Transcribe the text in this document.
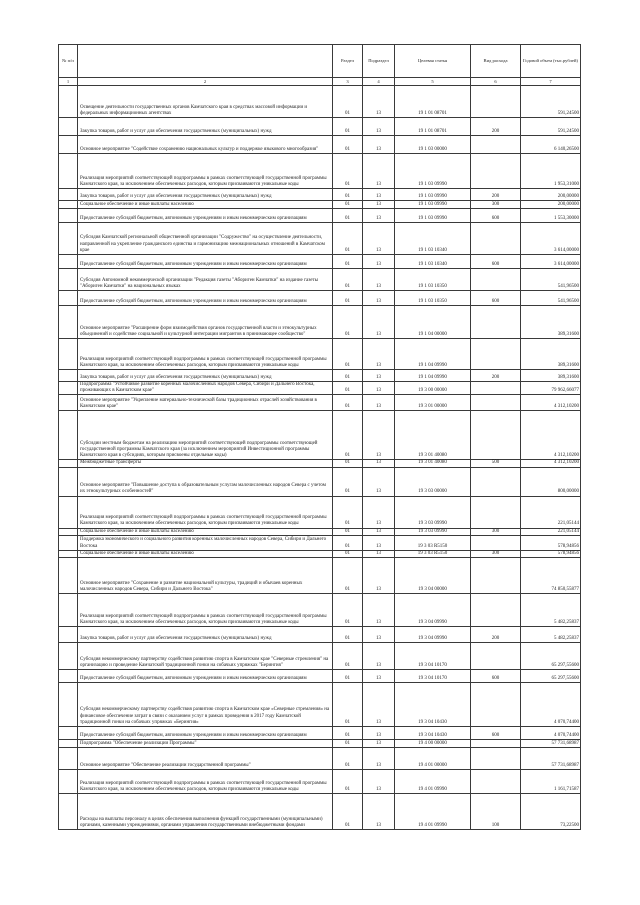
№ п/п		Раздел	Подраздел	Целевая статья	Вид расхода	Годовой объем (тыс.рублей)
1	2	3	4	5	6	7
	Освещение деятельности государственных органов Камчатского края в средствах массовой информации и федеральных информационных агентствах	01	13	19 1 01 08701		591,24500
	Закупка товаров, работ и услуг для обеспечения государственных (муниципальных) нужд	01	13	19 1 01 08701	200	591,24500
	Основное мероприятие "Содействие сохранению национальных культур и поддержке языкового многообразия"	01	13	19 1 03 00000		6 140,26500
	Реализация мероприятий соответствующей подпрограммы в рамках соответствующей государственной программы Камчатского края, за исключением обеспеченных расходов, которым присваиваются уникальные коды	01	13	19 1 03 09990		1 953,31000
	Закупка товаров, работ и услуг для обеспечения государственных (муниципальных) нужд	01	13	19 1 03 09990	200	200,00000
	Социальное обеспечение и иные выплаты населению	01	13	19 1 03 09990	300	200,00000
	Предоставление субсидий бюджетным, автономным учреждениям и иным некоммерческим организациям	01	13	19 1 03 09990	600	1 553,30000
	Субсидия Камчатской региональной общественной организации "Содружество" на осуществление деятельности, направленной на укрепление гражданского единства и гармонизацию межнациональных отношений в Камчатском крае	01	13	19 1 03 10340		3 614,00000
	Предоставление субсидий бюджетным, автономным учреждениям и иным некоммерческим организациям	01	13	19 1 03 10340	600	3 614,00000
	Субсидия Автономной некоммерческой организации "Редакция газеты "Абориген Камчатки" на издание газеты "Абориген Камчатки" на национальных языках	01	13	19 1 03 10350		541,96500
	Предоставление субсидий бюджетным, автономным учреждениям и иным некоммерческим организациям	01	13	19 1 03 10350	600	541,96500
	Основное мероприятие "Расширение форм взаимодействия органов государственной власти и этнокультурных объединений и содействие социальной и культурной интеграции мигрантов в принимающее сообщество"	01	13	19 1 04 00000		389,31600
	Реализация мероприятий соответствующей подпрограммы в рамках соответствующей государственной программы Камчатского края, за исключением обеспеченных расходов, которым присваиваются уникальные коды	01	13	19 1 04 09990		389,31600
	Закупка товаров, работ и услуг для обеспечения государственных (муниципальных) нужд	01	13	19 1 04 09990	200	389,31600
	Подпрограмма "Устойчивое развитие коренных малочисленных народов Севера, Сибири и Дальнего Востока, проживающих в Камчатском крае"	01	13	19 3 00 00000		79 962,66077
	Основное мероприятие "Укрепление материально-технической базы традиционных отраслей хозяйствования в Камчатском крае"	01	13	19 3 01 00000		4 312,10200
	Субсидии местным бюджетам на реализацию мероприятий соответствующей подпрограммы соответствующей государственной программы Камчатского края (за исключением мероприятий Инвестиционной программы Камчатского края в субсидиях, которым присвоены отдельные коды)	01	13	19 3 01 40080		4 312,10200
	Межбюджетные трансферты	01	13	19 3 01 40080	500	4 312,10200
	Основное мероприятие "Повышение доступа к образовательным услугам малочисленных народов Севера с учетом их этнокультурных особенностей"	01	13	19 3 03 00000		800,00000
	Реализация мероприятий соответствующей подпрограммы в рамках соответствующей государственной программы Камчатского края, за исключением обеспеченных расходов, которым присваиваются уникальные коды	01	13	19 3 03 09990		221,05144
	Социальное обеспечение и иные выплаты населению	01	13	19 3 03 09990	300	221,05144
	Поддержка экономического и социального развития коренных малочисленных народов Севера, Сибири и Дальнего Востока	01	13	19 3 03 R5150		578,94856
	Социальное обеспечение и иные выплаты населению	01	13	19 3 03 R5150	300	578,94856
	Основное мероприятие "Сохранение и развитие национальной культуры, традиций и обычаев коренных малочисленных народов Севера, Сибири и Дальнего Востока"	01	13	19 3 04 00000		74 850,55877
	Реализация мероприятий соответствующей подпрограммы в рамках соответствующей государственной программы Камчатского края, за исключением обеспеченных расходов, которым присваиваются уникальные коды	01	13	19 3 04 09990		5 482,25837
	Закупка товаров, работ и услуг для обеспечения государственных (муниципальных) нужд	01	13	19 3 04 09990	200	5 482,25837
	Субсидия некоммерческому партнерству содействия развитию спорта в Камчатском крае "Северные стремления" на организацию и проведение Камчатской традиционной гонки на собачьих упряжках "Берингия"	01	13	19 3 04 10170		65 297,55600
	Предоставление субсидий бюджетным, автономным учреждениям и иным некоммерческим организациям	01	13	19 3 04 10170	600	65 297,55600
	Субсидия некоммерческому партнерству содействия развитию спорта в Камчатском крае «Северные стремления» на финансовое обеспечение затрат в связи с оказанием услуг в рамках проведения в 2017 году Камчатской традиционной гонки на собачьих упряжках «Берингия»	01	13	19 3 04 10430		4 070,74400
	Предоставление субсидий бюджетным, автономным учреждениям и иным некоммерческим организациям	01	13	19 3 04 10430	600	4 070,74400
	Подпрограмма "Обеспечение реализации Программы"	01	13	19 4 00 00000		57 731,68987
	Основное мероприятие "Обеспечение реализации государственной программы"	01	13	19 4 01 00000		57 731,68987
	Реализация мероприятий соответствующей подпрограммы в рамках соответствующей государственной программы Камчатского края, за исключением обеспеченных расходов, которым присваиваются уникальные коды	01	13	19 4 01 09990		1 161,71587
	Расходы на выплаты персоналу в целях обеспечения выполнения функций государственными (муниципальными) органами, казенными учреждениями, органами управления государственными внебюджетными фондами	01	13	19 4 01 09990	100	73,22500
